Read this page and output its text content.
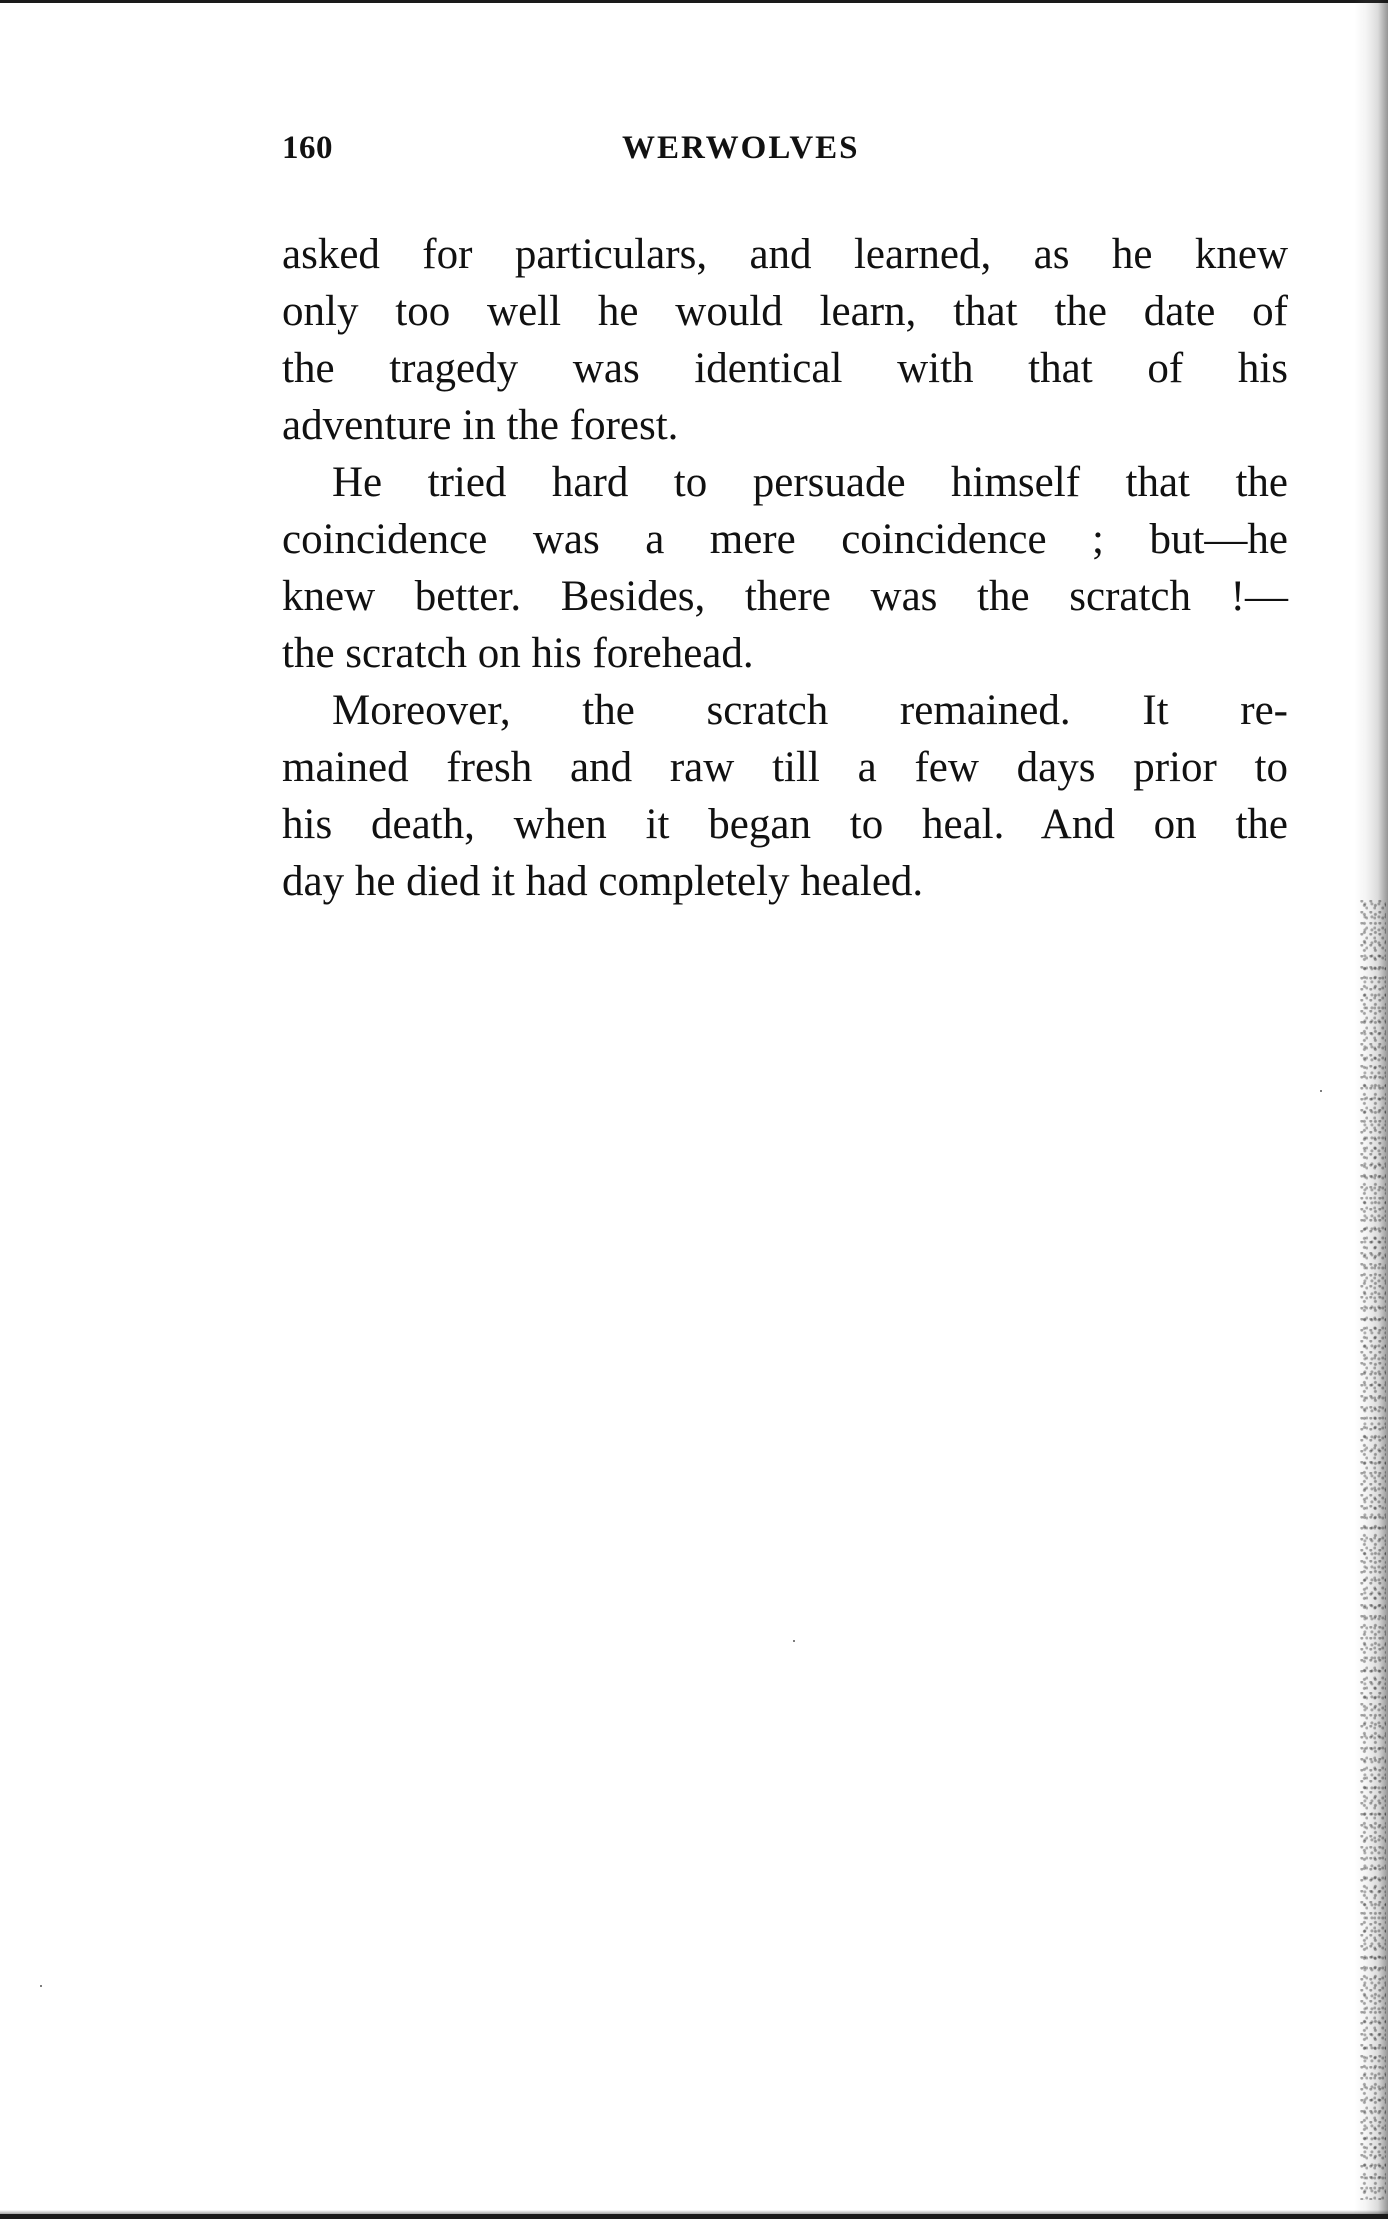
160	WERWOLVES
asked for particulars, and learned, as he knew
only too well he would learn, that the date of
the tragedy was identical with that of his
adventure in the forest.
He tried hard to persuade himself that the
coincidence was a mere coincidence ; but—he
knew better. Besides, there was the scratch !—
the scratch on his forehead.
Moreover, the scratch remained. It re-
mained fresh and raw till a few days prior to
his death, when it began to heal. And on the
day he died it had completely healed.
